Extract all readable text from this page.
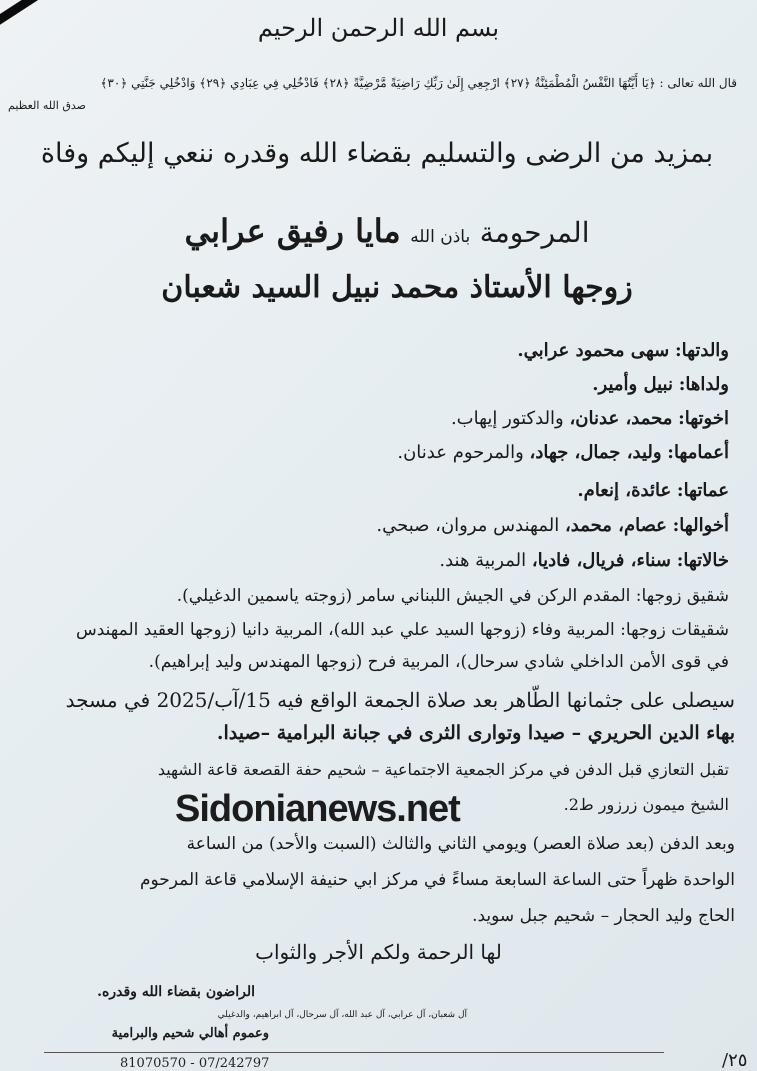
بسم الله الرحمن الرحيم
قال الله تعالى : ﴿يَا أَيَّتُهَا النَّفْسُ الْمُطْمَئِنَّةُ ﴿٢٧﴾ ارْجِعِي إِلَىٰ رَبِّكِ رَاضِيَةً مَّرْضِيَّةً ﴿٢٨﴾ فَادْخُلِي فِي عِبَادِي ﴿٢٩﴾ وَادْخُلِي جَنَّتِي ﴿٣٠﴾
صدق الله العظيم
بمزيد من الرضى والتسليم بقضاء الله وقدره ننعي إليكم وفاة
المرحومة باذن الله مايا رفيق عرابي
زوجها الأستاذ محمد نبيل السيد شعبان
والدتها: سهى محمود عرابي.
ولداها: نبيل وأمير.
اخوتها: محمد، عدنان، والدكتور إيهاب.
أعمامها: وليد، جمال، جهاد، والمرحوم عدنان.
عماتها: عائدة، إنعام.
أخوالها: عصام، محمد، المهندس مروان، صبحي.
خالاتها: سناء، فريال، فاديا، المربية هند.
شقيق زوجها: المقدم الركن في الجيش اللبناني سامر (زوجته ياسمين الدغيلي).
شقيقات زوجها: المربية وفاء (زوجها السيد علي عبد الله)، المربية دانيا (زوجها العقيد المهندس
في قوى الأمن الداخلي شادي سرحال)، المربية فرح (زوجها المهندس وليد إبراهيم).
سيصلى على جثمانها الطّاهر بعد صلاة الجمعة الواقع فيه 15/آب/2025 في مسجد
بهاء الدين الحريري – صيدا وتوارى الثرى في جبانة البرامية –صيدا.
تقبل التعازي قبل الدفن في مركز الجمعية الاجتماعية – شحيم حفة القصعة قاعة الشهيد
الشيخ ميمون زرزور ط2.
Sidonianews.net
وبعد الدفن (بعد صلاة العصر) ويومي الثاني والثالث (السبت والأحد) من الساعة
الواحدة ظهراً حتى الساعة السابعة مساءً في مركز ابي حنيفة الإسلامي قاعة المرحوم
الحاج وليد الحجار – شحيم جبل سويد.
لها الرحمة ولكم الأجر والثواب
الراضون بقضاء الله وقدره.
آل شعبان، آل عرابي، آل عبد الله، آل سرحال، آل ابراهيم، والدغيلي
وعموم أهالي شحيم والبرامية
81070570 - 07/242797	٢٥/
